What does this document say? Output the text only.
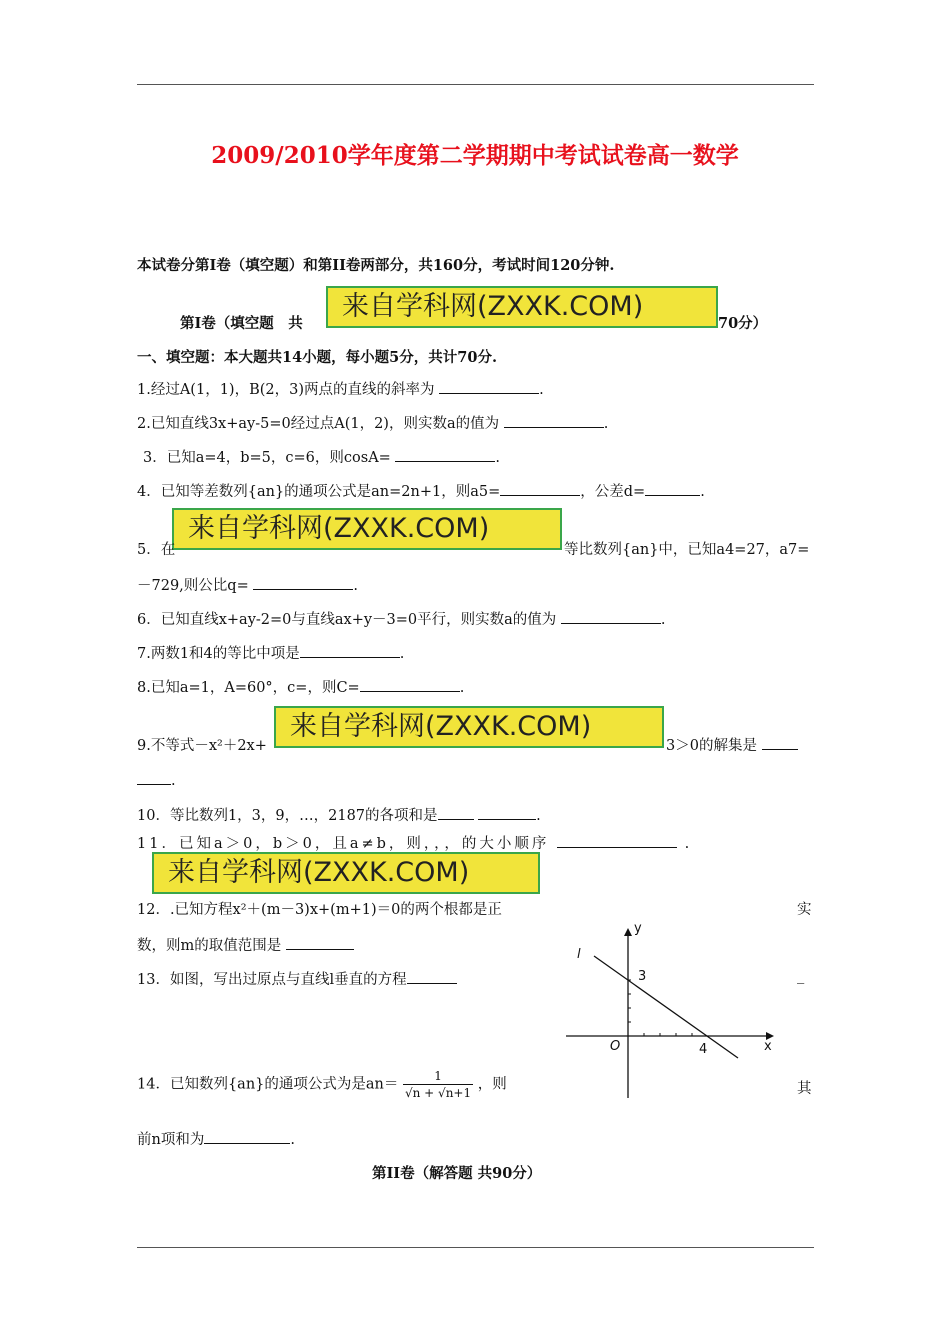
2009/2010学年度第二学期期中考试试卷高一数学
本试卷分第Ⅰ卷（填空题）和第II卷两部分，共160分，考试时间120分钟.
第Ⅰ卷（填空题　共	70分）
来自学科网(ZXXK.COM)
一、填空题：本大题共14小题，每小题5分，共计70分.
1.经过A(1，1)，B(2，3)两点的直线的斜率为	.
2.已知直线3x+ay-5=0经过点A(1，2)，则实数a的值为	.
3．已知a=4，b=5，c=6，则cosA=	.
4．已知等差数列{an}的通项公式是an=2n+1，则a5=	，公差d=	.
来自学科网(ZXXK.COM)
5．在	等比数列{an}中，已知a4=27，a7=
－729,则公比q=	.
6．已知直线x+ay-2=0与直线ax+y－3=0平行，则实数a的值为	.
7.两数1和4的等比中项是	.
8.已知a=1，A=60°，c=，则C=	.
来自学科网(ZXXK.COM)
9.不等式－x²＋2x+	3＞0的解集是
.
10．等比数列1，3，9，…，2187的各项和是	.
11．已知a＞0，b＞0，且a≠b，则，，，的大小顺序	.
来自学科网(ZXXK.COM)
12．.已知方程x²＋(m－3)x+(m+1)＝0的两个根都是正	实
数，则m的取值范围是
13．如图，写出过原点与直线l垂直的方程	_
y
x
l
O
3
4
14．已知数列{an}的通项公式为是$an= \frac{1}{√n + √n+1}$ ，则	其
前n项和为	.
第II卷（解答题 共90分）
